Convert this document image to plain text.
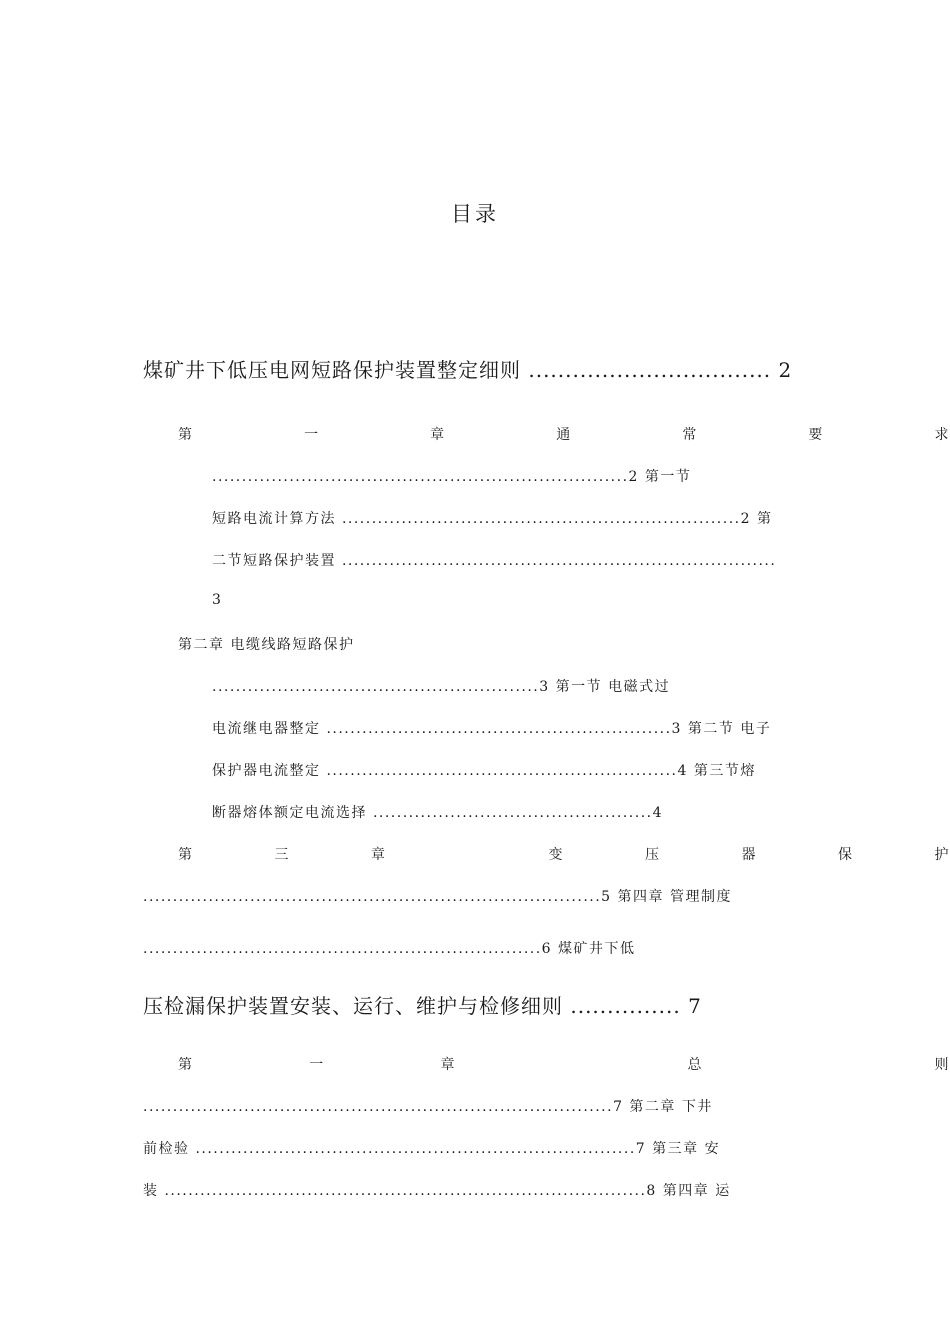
目录
煤矿井下低压电网短路保护装置整定细则 ................................. 2
第	一	章	通	常	要	求
......................................................................2 第一节
短路电流计算方法 ...................................................................2 第
二节短路保护装置 .........................................................................
3
第二章 电缆线路短路保护
.......................................................3 第一节 电磁式过
电流继电器整定 ..........................................................3 第二节 电子
保护器电流整定 ...........................................................4 第三节熔
断器熔体额定电流选择 ...............................................4
第	三	章	变	压	器	保	护
.............................................................................5 第四章 管理制度
...................................................................6 煤矿井下低
压检漏保护装置安装、运行、维护与检修细则 ............... 7
第	一	章	总	则
...............................................................................7 第二章 下井
前检验 ..........................................................................7 第三章 安
装 .................................................................................8 第四章 运
